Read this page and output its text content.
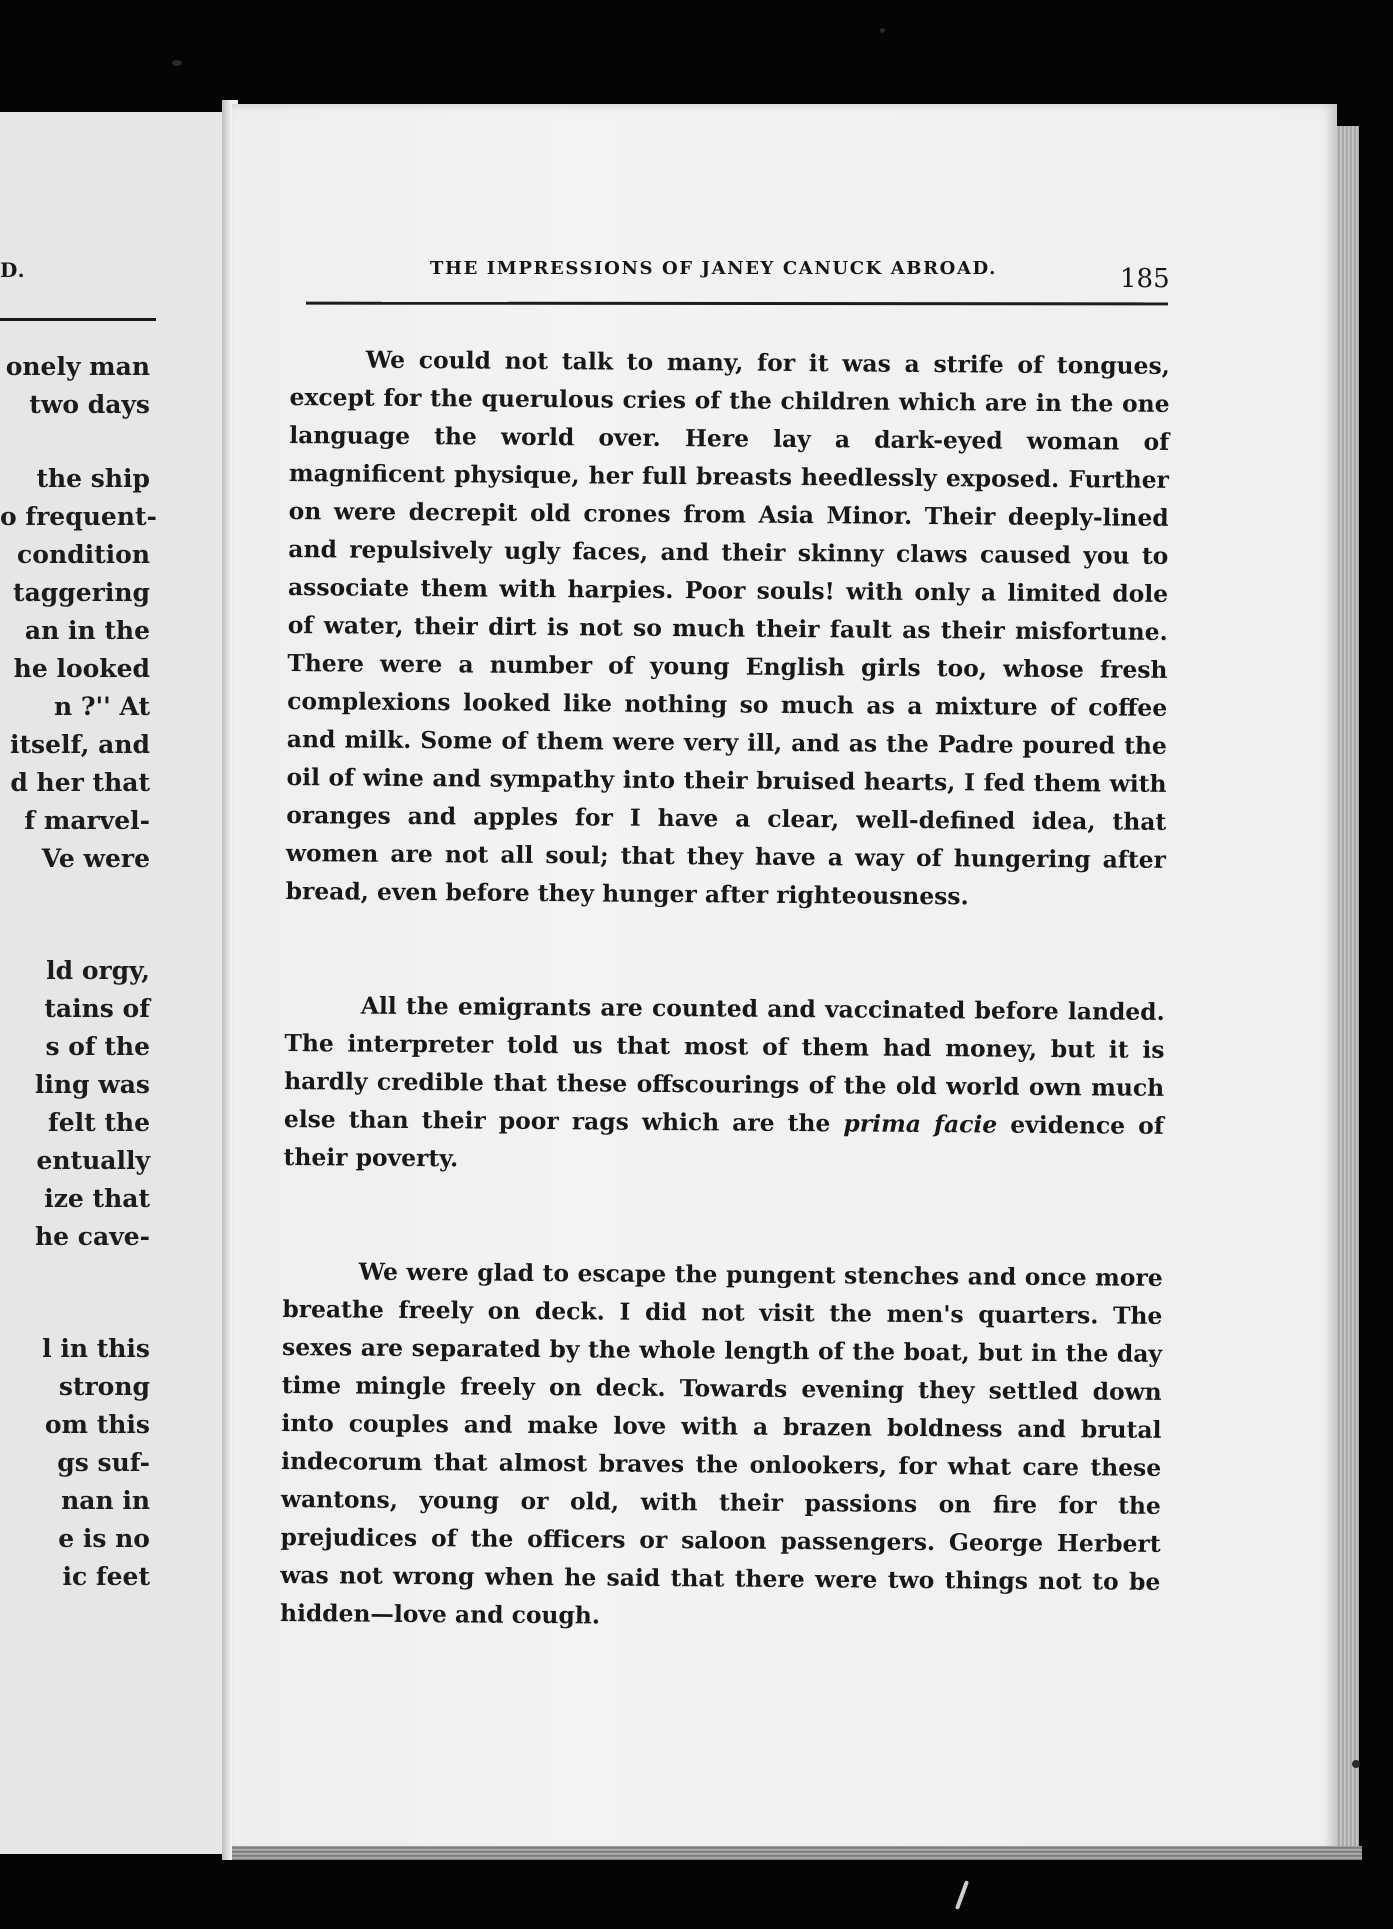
D.
onely man
two days
the ship
o frequent-
condition
taggering
an in the
he looked
n ?'' At
itself, and
d her that
f marvel-
Ve were
ld orgy,
tains of
s of the
ling was
felt the
entually
ize that
he cave-
l in this
strong
om this
gs suf-
nan in
e is no
ic feet
THE IMPRESSIONS OF JANEY CANUCK ABROAD.	185

We could not talk to many, for it was a strife of tongues, except for the querulous cries of the children which are in the one language the world over. Here lay a dark-eyed woman of magnificent physique, her full breasts heedlessly exposed. Further on were decrepit old crones from Asia Minor. Their deeply-lined and repulsively ugly faces, and their skinny claws caused you to associate them with harpies. Poor souls! with only a limited dole of water, their dirt is not so much their fault as their misfortune. There were a number of young English girls too, whose fresh complexions looked like nothing so much as a mixture of coffee and milk. Some of them were very ill, and as the Padre poured the oil of wine and sympathy into their bruised hearts, I fed them with oranges and apples for I have a clear, well-defined idea, that women are not all soul; that they have a way of hungering after bread, even before they hunger after righteousness.

All the emigrants are counted and vaccinated before landed. The interpreter told us that most of them had money, but it is hardly credible that these offscourings of the old world own much else than their poor rags which are the prima facie evidence of their poverty.

We were glad to escape the pungent stenches and once more breathe freely on deck. I did not visit the men's quarters. The sexes are separated by the whole length of the boat, but in the day time mingle freely on deck. Towards evening they settled down into couples and make love with a brazen boldness and brutal indecorum that almost braves the onlookers, for what care these wantons, young or old, with their passions on fire for the prejudices of the officers or saloon passengers. George Herbert was not wrong when he said that there were two things not to be hidden—love and cough.
